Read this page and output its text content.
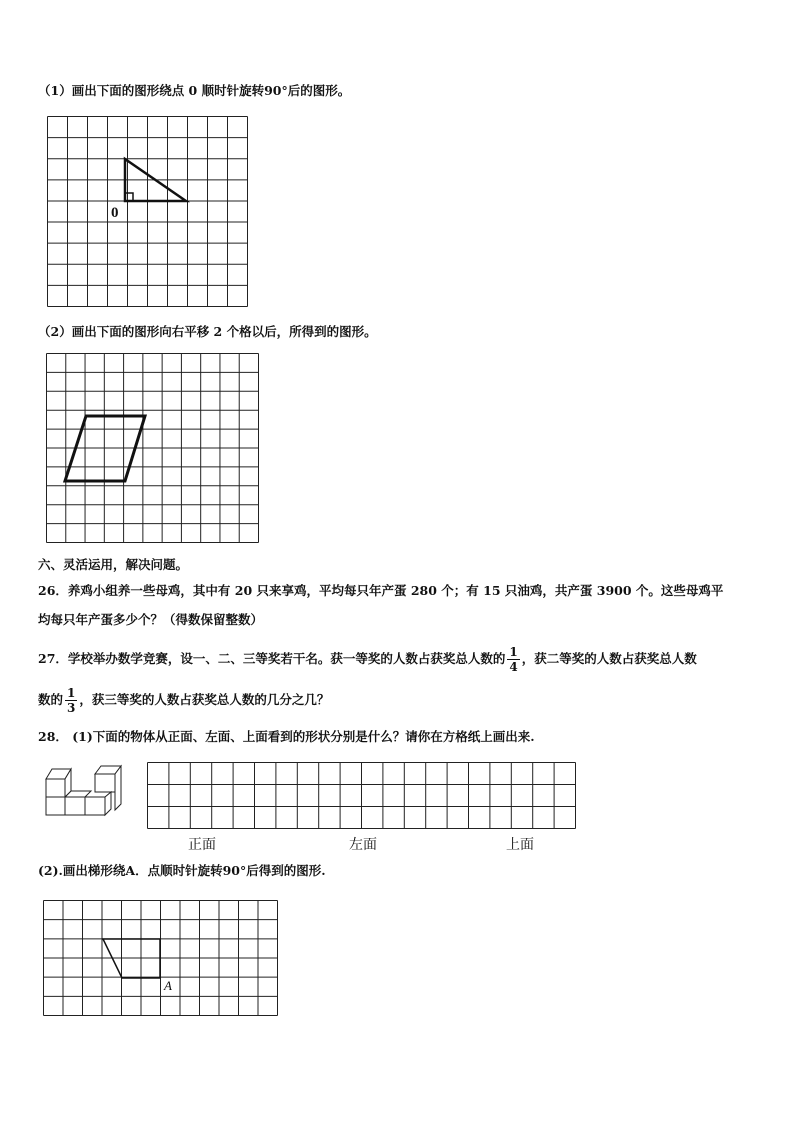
（1）画出下面的图形绕点 0 顺时针旋转90°后的图形。
0
（2）画出下面的图形向右平移 2 个格以后，所得到的图形。
六、灵活运用，解决问题。
26．养鸡小组养一些母鸡，其中有 20 只来享鸡，平均每只年产蛋 280 个；有 15 只油鸡，共产蛋 3900 个。这些母鸡平
均每只年产蛋多少个？（得数保留整数）
27．学校举办数学竞赛，设一、二、三等奖若干名。获一等奖的人数占获奖总人数的 $\frac{1}{4}$ ，获二等奖的人数占获奖总人数
数的 $\frac{1}{3}$ ，获三等奖的人数占获奖总人数的几分之几？
28． (1)下面的物体从正面、左面、上面看到的形状分别是什么？请你在方格纸上画出来.
正面	左面	上面
(2).画出梯形绕A．点顺时针旋转90°后得到的图形.
A
